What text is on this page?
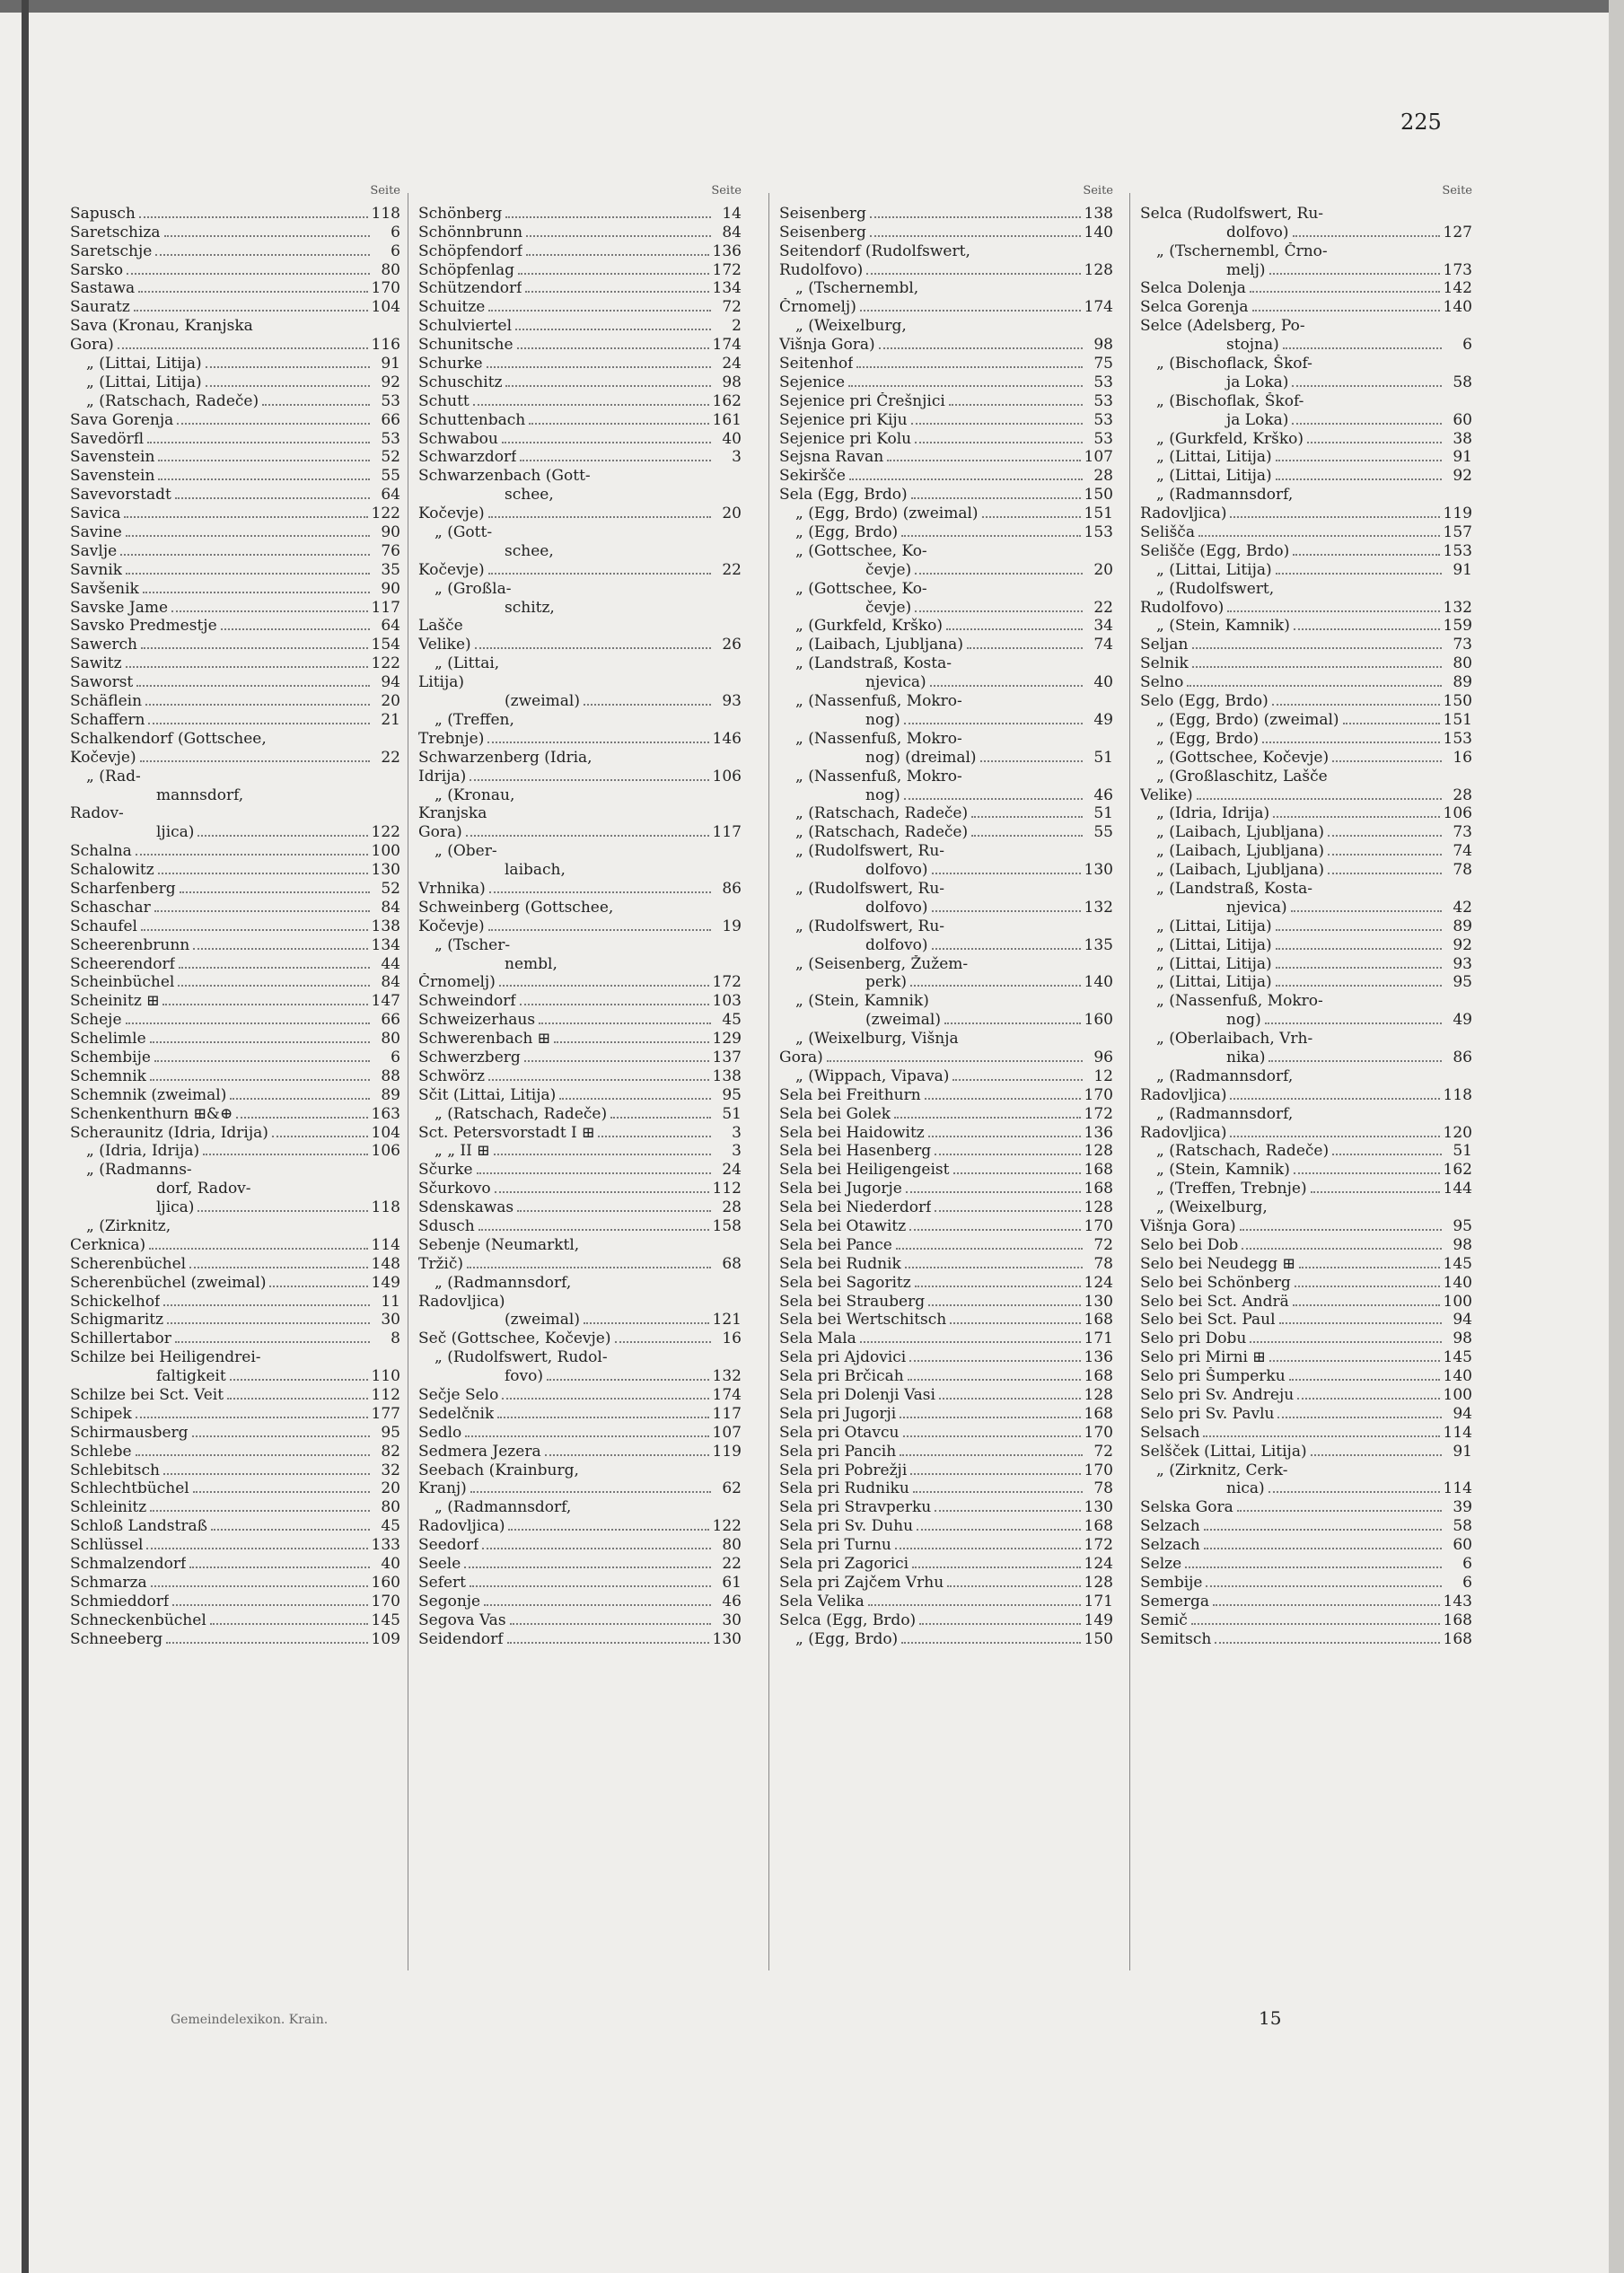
225
Seite
Sapusch	118
Saretschiza	6
Saretschje	6
Sarsko	80
Sastawa	170
Sauratz	104
Sava (Kronau, Kranjska
Gora)	116
„ (Littai, Litija)	91
„ (Littai, Litija)	92
„ (Ratschach, Radeče)	53
Sava Gorenja	66
Savedörfl	53
Savenstein	52
Savenstein	55
Savevorstadt	64
Savica	122
Savine	90
Savlje	76
Savnik	35
Savšenik	90
Savske Jame	117
Savsko Predmestje	64
Sawerch	154
Sawitz	122
Saworst	94
Schäflein	20
Schaffern	21
Schalkendorf (Gottschee,
Kočevje)	22
„ (Rad-
mannsdorf,
Radov-
ljica)	122
Schalna	100
Schalowitz	130
Scharfenberg	52
Schaschar	84
Schaufel	138
Scheerenbrunn	134
Scheerendorf	44
Scheinbüchel	84
Scheinitz ⊞	147
Scheje	66
Schelimle	80
Schembije	6
Schemnik	88
Schemnik (zweimal)	89
Schenkenthurn ⊞&⊕	163
Scheraunitz (Idria, Idrija)	104
„ (Idria, Idrija)	106
„ (Radmanns-
dorf, Radov-
ljica)	118
„ (Zirknitz,
Cerknica)	114
Scherenbüchel	148
Scherenbüchel (zweimal)	149
Schickelhof	11
Schigmaritz	30
Schillertabor	8
Schilze bei Heiligendrei-
faltigkeit	110
Schilze bei Sct. Veit	112
Schipek	177
Schirmausberg	95
Schlebe	82
Schlebitsch	32
Schlechtbüchel	20
Schleinitz	80
Schloß Landstraß	45
Schlüssel	133
Schmalzendorf	40
Schmarza	160
Schmieddorf	170
Schneckenbüchel	145
Schneeberg	109
Seite
Schönberg	14
Schönnbrunn	84
Schöpfendorf	136
Schöpfenlag	172
Schützendorf	134
Schuitze	72
Schulviertel	2
Schunitsche	174
Schurke	24
Schuschitz	98
Schutt	162
Schuttenbach	161
Schwabou	40
Schwarzdorf	3
Schwarzenbach (Gott-
schee,
Kočevje)	20
„ (Gott-
schee,
Kočevje)	22
„ (Großla-
schitz,
Lašče
Velike)	26
„ (Littai,
Litija)
(zweimal)	93
„ (Treffen,
Trebnje)	146
Schwarzenberg (Idria,
Idrija)	106
„ (Kronau,
Kranjska
Gora)	117
„ (Ober-
laibach,
Vrhnika)	86
Schweinberg (Gottschee,
Kočevje)	19
„ (Tscher-
nembl,
Črnomelj)	172
Schweindorf	103
Schweizerhaus	45
Schwerenbach ⊞	129
Schwerzberg	137
Schwörz	138
Sčit (Littai, Litija)	95
„ (Ratschach, Radeče)	51
Sct. Petersvorstadt I ⊞	3
„ „ II ⊞	3
Sčurke	24
Sčurkovo	112
Sdenskawas	28
Sdusch	158
Sebenje (Neumarktl,
Tržič)	68
„ (Radmannsdorf,
Radovljica)
(zweimal)	121
Seč (Gottschee, Kočevje)	16
„ (Rudolfswert, Rudol-
fovo)	132
Sečje Selo	174
Sedelčnik	117
Sedlo	107
Sedmera Jezera	119
Seebach (Krainburg,
Kranj)	62
„ (Radmannsdorf,
Radovljica)	122
Seedorf	80
Seele	22
Sefert	61
Segonje	46
Segova Vas	30
Seidendorf	130
Seite
Seisenberg	138
Seisenberg	140
Seitendorf (Rudolfswert,
Rudolfovo)	128
„ (Tschernembl,
Črnomelj)	174
„ (Weixelburg,
Višnja Gora)	98
Seitenhof	75
Sejenice	53
Sejenice pri Črešnjici	53
Sejenice pri Kiju	53
Sejenice pri Kolu	53
Sejsna Ravan	107
Sekiršče	28
Sela (Egg, Brdo)	150
„ (Egg, Brdo) (zweimal)	151
„ (Egg, Brdo)	153
„ (Gottschee, Ko-
čevje)	20
„ (Gottschee, Ko-
čevje)	22
„ (Gurkfeld, Krško)	34
„ (Laibach, Ljubljana)	74
„ (Landstraß, Kosta-
njevica)	40
„ (Nassenfuß, Mokro-
nog)	49
„ (Nassenfuß, Mokro-
nog) (dreimal)	51
„ (Nassenfuß, Mokro-
nog)	46
„ (Ratschach, Radeče)	51
„ (Ratschach, Radeče)	55
„ (Rudolfswert, Ru-
dolfovo)	130
„ (Rudolfswert, Ru-
dolfovo)	132
„ (Rudolfswert, Ru-
dolfovo)	135
„ (Seisenberg, Žužem-
perk)	140
„ (Stein, Kamnik)
(zweimal)	160
„ (Weixelburg, Višnja
Gora)	96
„ (Wippach, Vipava)	12
Sela bei Freithurn	170
Sela bei Golek	172
Sela bei Haidowitz	136
Sela bei Hasenberg	128
Sela bei Heiligengeist	168
Sela bei Jugorje	168
Sela bei Niederdorf	128
Sela bei Otawitz	170
Sela bei Pance	72
Sela bei Rudnik	78
Sela bei Sagoritz	124
Sela bei Strauberg	130
Sela bei Wertschitsch	168
Sela Mala	171
Sela pri Ajdovici	136
Sela pri Brčicah	168
Sela pri Dolenji Vasi	128
Sela pri Jugorji	168
Sela pri Otavcu	170
Sela pri Pancih	72
Sela pri Pobrežji	170
Sela pri Rudniku	78
Sela pri Stravperku	130
Sela pri Sv. Duhu	168
Sela pri Turnu	172
Sela pri Zagorici	124
Sela pri Zajčem Vrhu	128
Sela Velika	171
Selca (Egg, Brdo)	149
„ (Egg, Brdo)	150
Seite
Selca (Rudolfswert, Ru-
dolfovo)	127
„ (Tschernembl, Črno-
melj)	173
Selca Dolenja	142
Selca Gorenja	140
Selce (Adelsberg, Po-
stojna)	6
„ (Bischoflack, Škof-
ja Loka)	58
„ (Bischoflak, Škof-
ja Loka)	60
„ (Gurkfeld, Krško)	38
„ (Littai, Litija)	91
„ (Littai, Litija)	92
„ (Radmannsdorf,
Radovljica)	119
Selišča	157
Selišče (Egg, Brdo)	153
„ (Littai, Litija)	91
„ (Rudolfswert,
Rudolfovo)	132
„ (Stein, Kamnik)	159
Seljan	73
Selnik	80
Selno	89
Selo (Egg, Brdo)	150
„ (Egg, Brdo) (zweimal)	151
„ (Egg, Brdo)	153
„ (Gottschee, Kočevje)	16
„ (Großlaschitz, Lašče
Velike)	28
„ (Idria, Idrija)	106
„ (Laibach, Ljubljana)	73
„ (Laibach, Ljubljana)	74
„ (Laibach, Ljubljana)	78
„ (Landstraß, Kosta-
njevica)	42
„ (Littai, Litija)	89
„ (Littai, Litija)	92
„ (Littai, Litija)	93
„ (Littai, Litija)	95
„ (Nassenfuß, Mokro-
nog)	49
„ (Oberlaibach, Vrh-
nika)	86
„ (Radmannsdorf,
Radovljica)	118
„ (Radmannsdorf,
Radovljica)	120
„ (Ratschach, Radeče)	51
„ (Stein, Kamnik)	162
„ (Treffen, Trebnje)	144
„ (Weixelburg,
Višnja Gora)	95
Selo bei Dob	98
Selo bei Neudegg ⊞	145
Selo bei Schönberg	140
Selo bei Sct. Andrä	100
Selo bei Sct. Paul	94
Selo pri Dobu	98
Selo pri Mirni ⊞	145
Selo pri Šumperku	140
Selo pri Sv. Andreju	100
Selo pri Sv. Pavlu	94
Selsach	114
Selšček (Littai, Litija)	91
„ (Zirknitz, Cerk-
nica)	114
Selska Gora	39
Selzach	58
Selzach	60
Selze	6
Sembije	6
Semerga	143
Semič	168
Semitsch	168
Gemeindelexikon. Krain.	15
